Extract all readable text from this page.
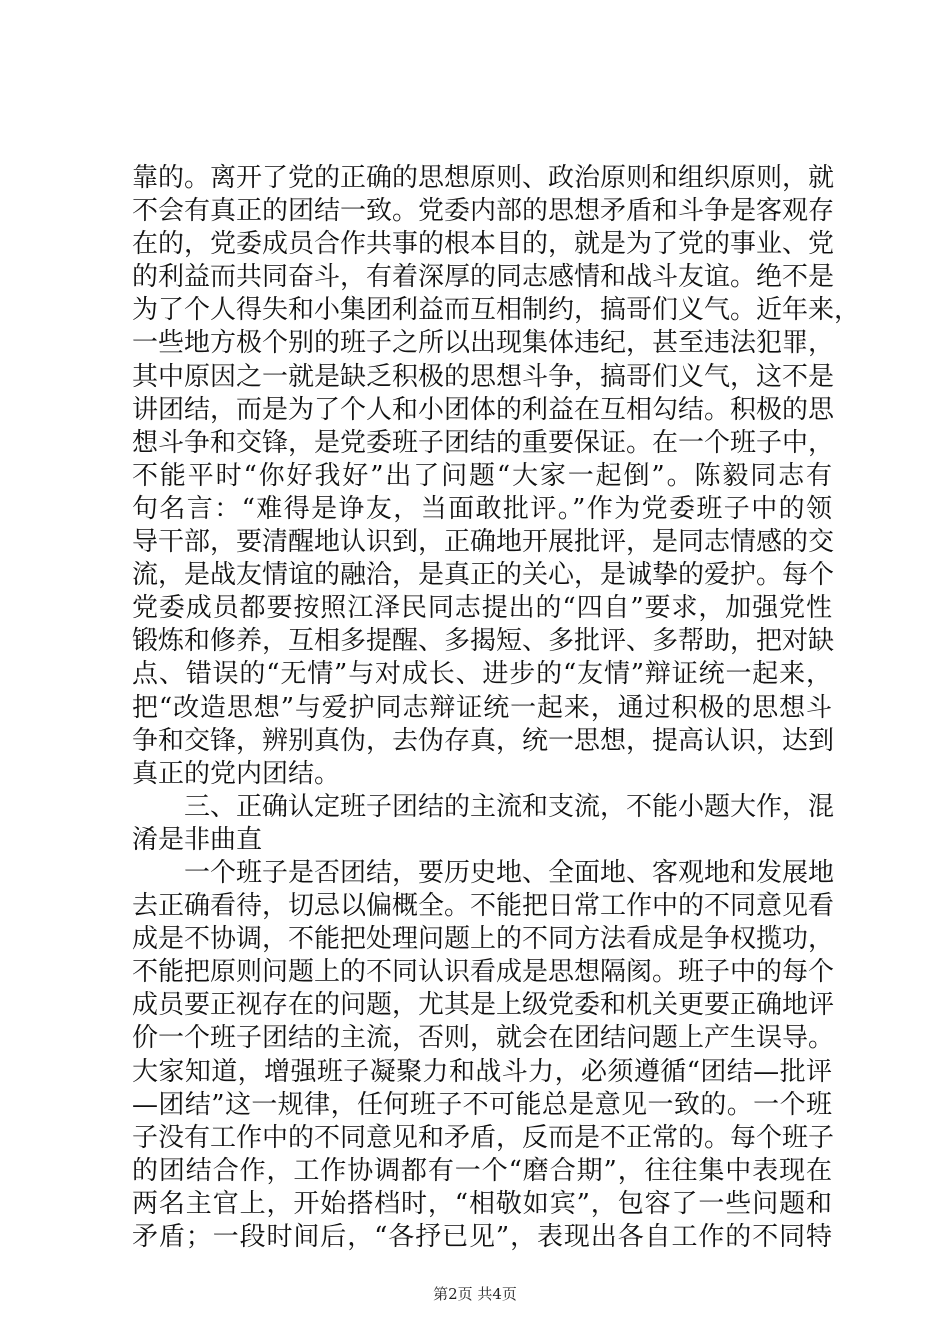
靠的。离开了党的正确的思想原则、政治原则和组织原则，就
不会有真正的团结一致。党委内部的思想矛盾和斗争是客观存
在的，党委成员合作共事的根本目的，就是为了党的事业、党
的利益而共同奋斗，有着深厚的同志感情和战斗友谊。绝不是
为了个人得失和小集团利益而互相制约，搞哥们义气。近年来，
一些地方极个别的班子之所以出现集体违纪，甚至违法犯罪，
其中原因之一就是缺乏积极的思想斗争，搞哥们义气，这不是
讲团结，而是为了个人和小团体的利益在互相勾结。积极的思
想斗争和交锋，是党委班子团结的重要保证。在一个班子中，
不能平时“你好我好”出了问题“大家一起倒”。陈毅同志有
句名言：“难得是诤友，当面敢批评。”作为党委班子中的领
导干部，要清醒地认识到，正确地开展批评，是同志情感的交
流，是战友情谊的融洽，是真正的关心，是诚挚的爱护。每个
党委成员都要按照江泽民同志提出的“四自”要求，加强党性
锻炼和修养，互相多提醒、多揭短、多批评、多帮助，把对缺
点、错误的“无情”与对成长、进步的“友情”辩证统一起来，
把“改造思想”与爱护同志辩证统一起来，通过积极的思想斗
争和交锋，辨别真伪，去伪存真，统一思想，提高认识，达到
真正的党内团结。
三、正确认定班子团结的主流和支流，不能小题大作，混
淆是非曲直
一个班子是否团结，要历史地、全面地、客观地和发展地
去正确看待，切忌以偏概全。不能把日常工作中的不同意见看
成是不协调，不能把处理问题上的不同方法看成是争权揽功，
不能把原则问题上的不同认识看成是思想隔阂。班子中的每个
成员要正视存在的问题，尤其是上级党委和机关更要正确地评
价一个班子团结的主流，否则，就会在团结问题上产生误导。
大家知道，增强班子凝聚力和战斗力，必须遵循“团结—批评
—团结”这一规律，任何班子不可能总是意见一致的。一个班
子没有工作中的不同意见和矛盾，反而是不正常的。每个班子
的团结合作，工作协调都有一个“磨合期”，往往集中表现在
两名主官上，开始搭档时，“相敬如宾”，包容了一些问题和
矛盾；一段时间后，“各抒已见”，表现出各自工作的不同特
第2页 共4页
